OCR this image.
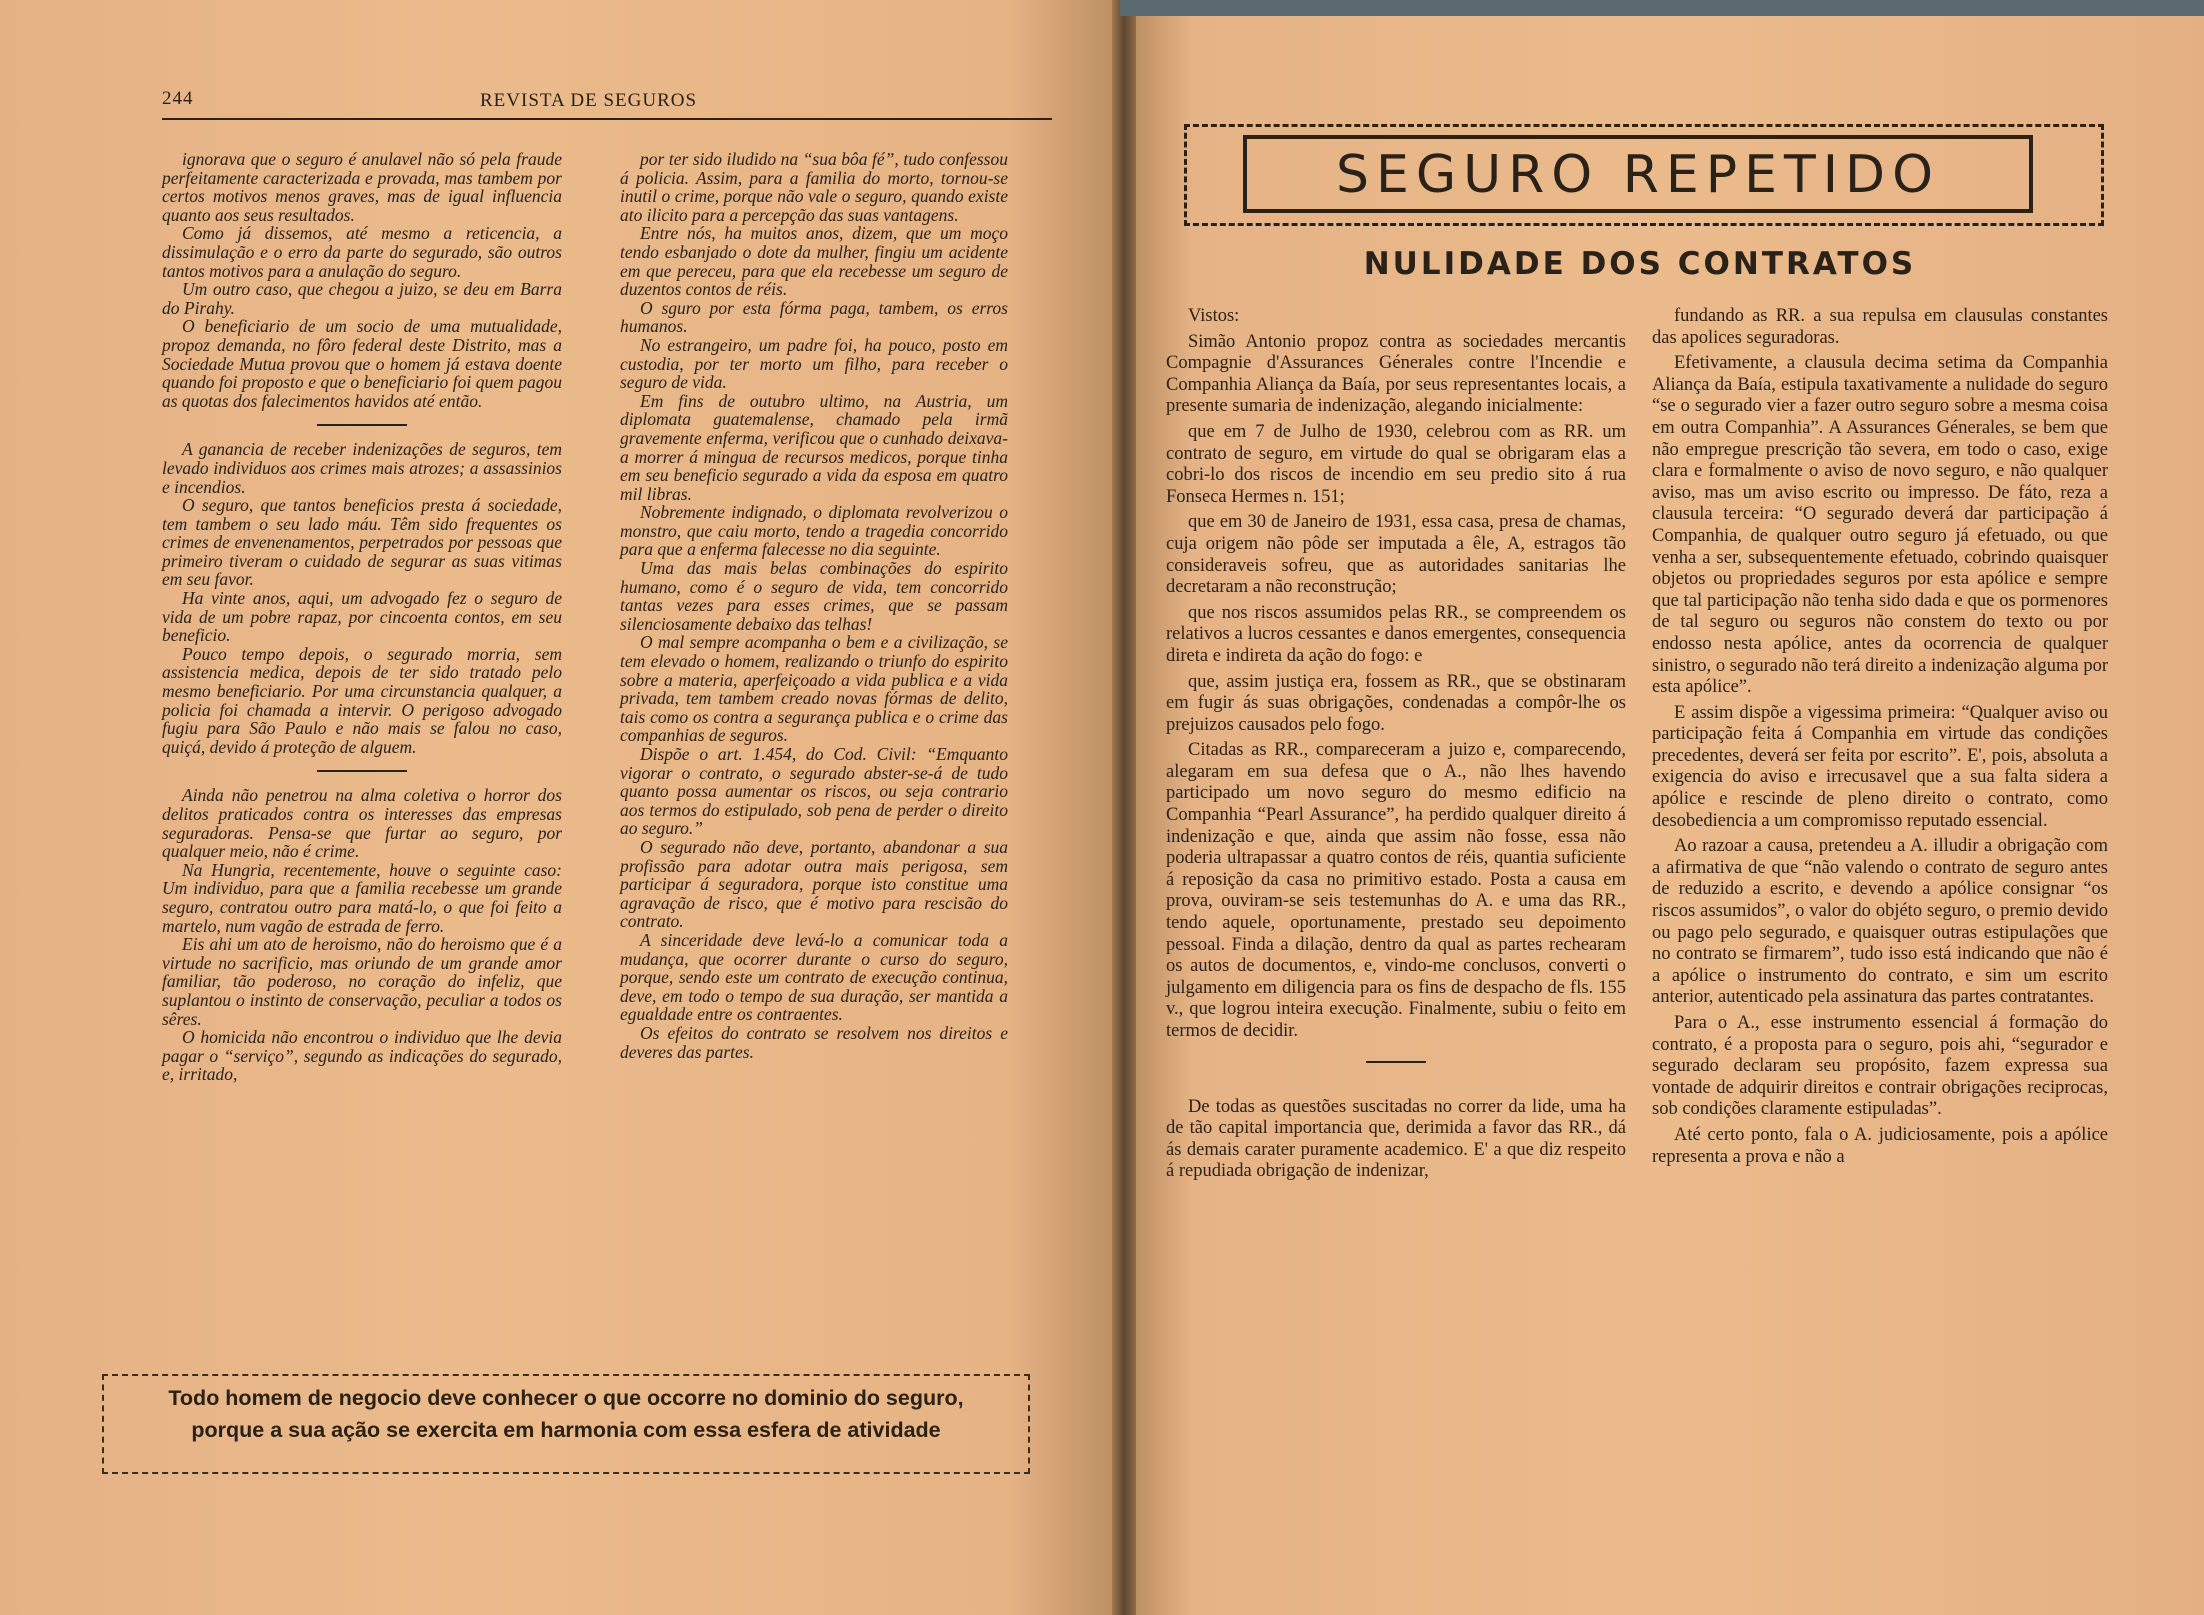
244	REVISTA DE SEGUROS

ignorava que o seguro é anulavel não só pela fraude perfeitamente caracterizada e provada, mas tambem por certos motivos menos graves, mas de igual influencia quanto aos seus resultados.

Como já dissemos, até mesmo a reticencia, a dissimulação e o erro da parte do segurado, são outros tantos motivos para a anulação do seguro.

Um outro caso, que chegou a juizo, se deu em Barra do Pirahy.

O beneficiario de um socio de uma mutualidade, propoz demanda, no fôro federal deste Distrito, mas a Sociedade Mutua provou que o homem já estava doente quando foi proposto e que o beneficiario foi quem pagou as quotas dos falecimentos havidos até então.

A ganancia de receber indenizações de seguros, tem levado individuos aos crimes mais atrozes; a assassinios e incendios.

O seguro, que tantos beneficios presta á sociedade, tem tambem o seu lado máu. Têm sido frequentes os crimes de envenenamentos, perpetrados por pessoas que primeiro tiveram o cuidado de segurar as suas vitimas em seu favor.

Ha vinte anos, aqui, um advogado fez o seguro de vida de um pobre rapaz, por cincoenta contos, em seu beneficio.

Pouco tempo depois, o segurado morria, sem assistencia medica, depois de ter sido tratado pelo mesmo beneficiario. Por uma circunstancia qualquer, a policia foi chamada a intervir. O perigoso advogado fugiu para São Paulo e não mais se falou no caso, quiçá, devido á proteção de alguem.

Ainda não penetrou na alma coletiva o horror dos delitos praticados contra os interesses das empresas seguradoras. Pensa-se que furtar ao seguro, por qualquer meio, não é crime.

Na Hungria, recentemente, houve o seguinte caso: Um individuo, para que a familia recebesse um grande seguro, contratou outro para matá-lo, o que foi feito a martelo, num vagão de estrada de ferro.

Eis ahi um ato de heroismo, não do heroismo que é a virtude no sacrificio, mas oriundo de um grande amor familiar, tão poderoso, no coração do infeliz, que suplantou o instinto de conservação, peculiar a todos os sêres.

O homicida não encontrou o individuo que lhe devia pagar o “serviço”, segundo as indicações do segurado, e, irritado,

por ter sido iludido na “sua bôa fé”, tudo confessou á policia. Assim, para a familia do morto, tornou-se inutil o crime, porque não vale o seguro, quando existe ato ilicito para a percepção das suas vantagens.

Entre nós, ha muitos anos, dizem, que um moço tendo esbanjado o dote da mulher, fingiu um acidente em que pereceu, para que ela recebesse um seguro de duzentos contos de réis.

O sguro por esta fórma paga, tambem, os erros humanos.

No estrangeiro, um padre foi, ha pouco, posto em custodia, por ter morto um filho, para receber o seguro de vida.

Em fins de outubro ultimo, na Austria, um diplomata guatemalense, chamado pela irmã gravemente enferma, verificou que o cunhado deixava-a morrer á mingua de recursos medicos, porque tinha em seu beneficio segurado a vida da esposa em quatro mil libras.

Nobremente indignado, o diplomata revolverizou o monstro, que caiu morto, tendo a tragedia concorrido para que a enferma falecesse no dia seguinte.

Uma das mais belas combinações do espirito humano, como é o seguro de vida, tem concorrido tantas vezes para esses crimes, que se passam silenciosamente debaixo das telhas!

O mal sempre acompanha o bem e a civilização, se tem elevado o homem, realizando o triunfo do espirito sobre a materia, aperfeiçoado a vida publica e a vida privada, tem tambem creado novas fórmas de delito, tais como os contra a segurança publica e o crime das companhias de seguros.

Dispõe o art. 1.454, do Cod. Civil: “Emquanto vigorar o contrato, o segurado abster-se-á de tudo quanto possa aumentar os riscos, ou seja contrario aos termos do estipulado, sob pena de perder o direito ao seguro.”

O segurado não deve, portanto, abandonar a sua profissão para adotar outra mais perigosa, sem participar á seguradora, porque isto constitue uma agravação de risco, que é motivo para rescisão do contrato.

A sinceridade deve levá-lo a comunicar toda a mudança, que ocorrer durante o curso do seguro, porque, sendo este um contrato de execução continua, deve, em todo o tempo de sua duração, ser mantida a egualdade entre os contraentes.

Os efeitos do contrato se resolvem nos direitos e deveres das partes.

Todo homem de negocio deve conhecer o que occorre no dominio do seguro,
porque a sua ação se exercita em harmonia com essa esfera de atividade
SEGURO REPETIDO
NULIDADE DOS CONTRATOS

Vistos:

Simão Antonio propoz contra as sociedades mercantis Compagnie d'Assurances Génerales contre l'Incendie e Companhia Aliança da Baía, por seus representantes locais, a presente sumaria de indenização, alegando inicialmente:

que em 7 de Julho de 1930, celebrou com as RR. um contrato de seguro, em virtude do qual se obrigaram elas a cobri-lo dos riscos de incendio em seu predio sito á rua Fonseca Hermes n. 151;

que em 30 de Janeiro de 1931, essa casa, presa de chamas, cuja origem não pôde ser imputada a êle, A, estragos tão consideraveis sofreu, que as autoridades sanitarias lhe decretaram a não reconstrução;

que nos riscos assumidos pelas RR., se compreendem os relativos a lucros cessantes e danos emergentes, consequencia direta e indireta da ação do fogo: e

que, assim justiça era, fossem as RR., que se obstinaram em fugir ás suas obrigações, condenadas a compôr-lhe os prejuizos causados pelo fogo.

Citadas as RR., compareceram a juizo e, comparecendo, alegaram em sua defesa que o A., não lhes havendo participado um novo seguro do mesmo edificio na Companhia “Pearl Assurance”, ha perdido qualquer direito á indenização e que, ainda que assim não fosse, essa não poderia ultrapassar a quatro contos de réis, quantia suficiente á reposição da casa no primitivo estado. Posta a causa em prova, ouviram-se seis testemunhas do A. e uma das RR., tendo aquele, oportunamente, prestado seu depoimento pessoal. Finda a dilação, dentro da qual as partes rechearam os autos de documentos, e, vindo-me conclusos, converti o julgamento em diligencia para os fins de despacho de fls. 155 v., que logrou inteira execução. Finalmente, subiu o feito em termos de decidir.

De todas as questões suscitadas no correr da lide, uma ha de tão capital importancia que, derimida a favor das RR., dá ás demais carater puramente academico. E' a que diz respeito á repudiada obrigação de indenizar,

fundando as RR. a sua repulsa em clausulas constantes das apolices seguradoras.

Efetivamente, a clausula decima setima da Companhia Aliança da Baía, estipula taxativamente a nulidade do seguro “se o segurado vier a fazer outro seguro sobre a mesma coisa em outra Companhia”. A Assurances Génerales, se bem que não empregue prescrição tão severa, em todo o caso, exige clara e formalmente o aviso de novo seguro, e não qualquer aviso, mas um aviso escrito ou impresso. De fáto, reza a clausula terceira: “O segurado deverá dar participação á Companhia, de qualquer outro seguro já efetuado, ou que venha a ser, subsequentemente efetuado, cobrindo quaisquer objetos ou propriedades seguros por esta apólice e sempre que tal participação não tenha sido dada e que os pormenores de tal seguro ou seguros não constem do texto ou por endosso nesta apólice, antes da ocorrencia de qualquer sinistro, o segurado não terá direito a indenização alguma por esta apólice”.

E assim dispõe a vigessima primeira: “Qualquer aviso ou participação feita á Companhia em virtude das condições precedentes, deverá ser feita por escrito”. E', pois, absoluta a exigencia do aviso e irrecusavel que a sua falta sidera a apólice e rescinde de pleno direito o contrato, como desobediencia a um compromisso reputado essencial.

Ao razoar a causa, pretendeu a A. illudir a obrigação com a afirmativa de que “não valendo o contrato de seguro antes de reduzido a escrito, e devendo a apólice consignar “os riscos assumidos”, o valor do objéto seguro, o premio devido ou pago pelo segurado, e quaisquer outras estipulações que no contrato se firmarem”, tudo isso está indicando que não é a apólice o instrumento do contrato, e sim um escrito anterior, autenticado pela assinatura das partes contratantes.

Para o A., esse instrumento essencial á formação do contrato, é a proposta para o seguro, pois ahi, “segurador e segurado declaram seu propósito, fazem expressa sua vontade de adquirir direitos e contrair obrigações reciprocas, sob condições claramente estipuladas”.

Até certo ponto, fala o A. judiciosamente, pois a apólice representa a prova e não a
